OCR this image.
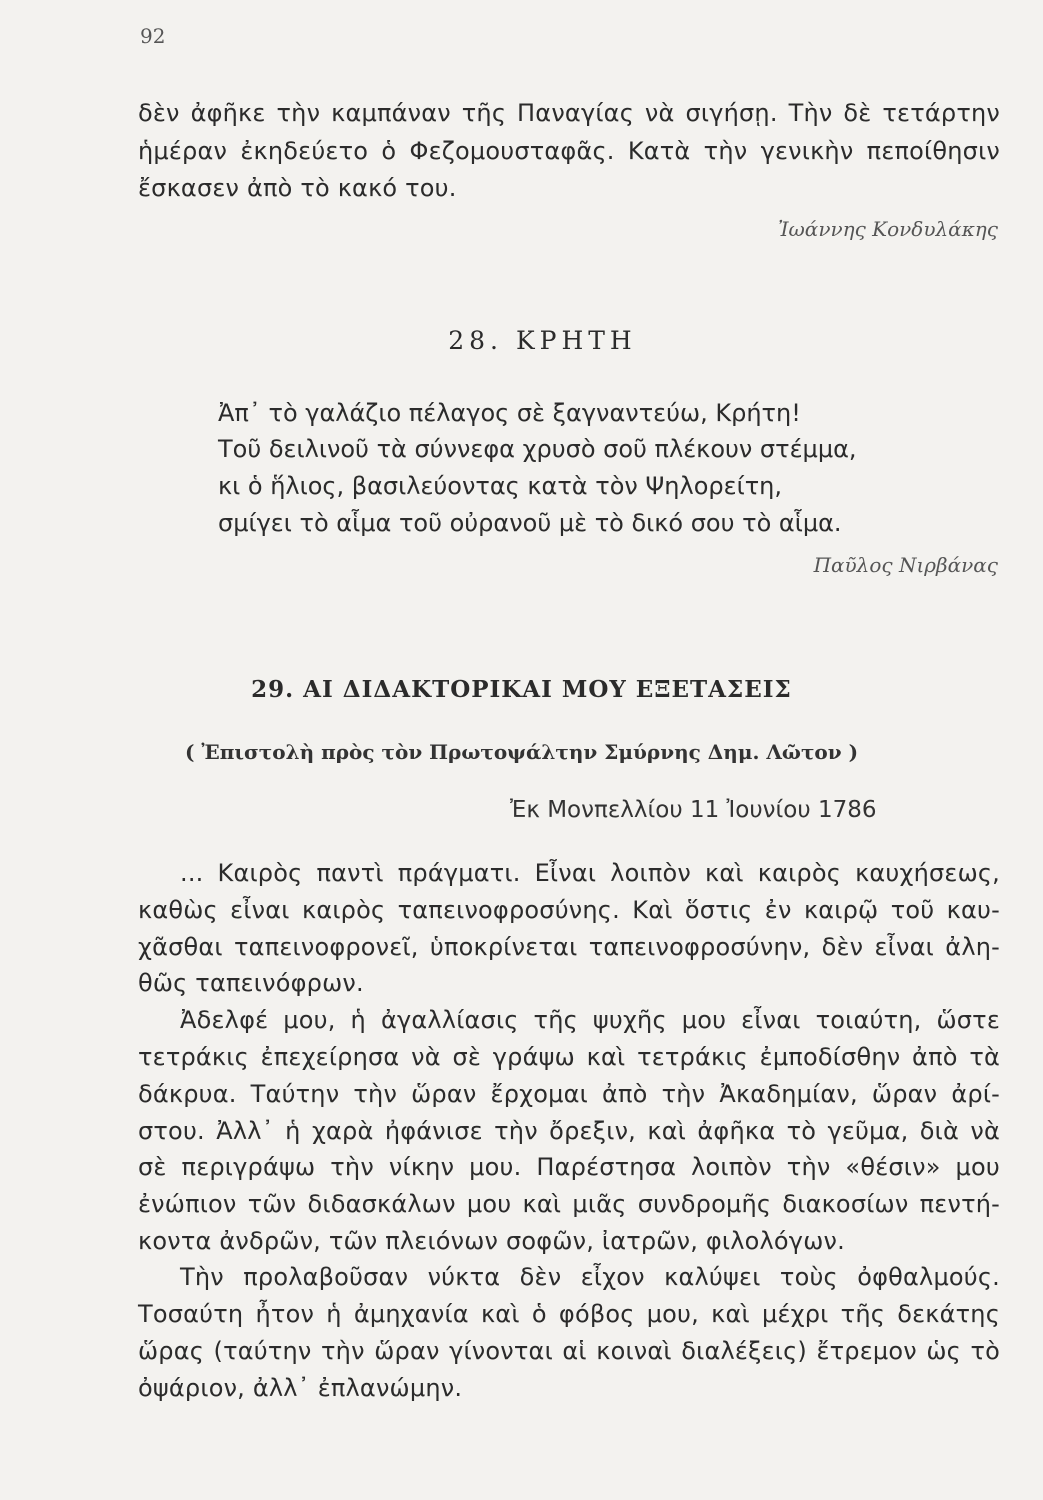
92
δὲν ἀφῆκε τὴν καμπάναν τῆς Παναγίας νὰ σιγήσῃ. Τὴν δὲ τετάρτην
ἡμέραν ἐκηδεύετο ὁ Φεζομουσταφᾶς. Κατὰ τὴν γενικὴν πεποίθησιν
ἔσκασεν ἀπὸ τὸ κακό του.
Ἰωάννης Κονδυλάκης
28. ΚΡΗΤΗ
Ἀπ᾿ τὸ γαλάζιο πέλαγος σὲ ξαγναντεύω, Κρήτη!
Τοῦ δειλινοῦ τὰ σύννεφα χρυσὸ σοῦ πλέκουν στέμμα,
κι ὁ ἥλιος, βασιλεύοντας κατὰ τὸν Ψηλορείτη,
σμίγει τὸ αἷμα τοῦ οὐρανοῦ μὲ τὸ δικό σου τὸ αἷμα.
Παῦλος Νιρβάνας
29. ΑΙ ΔΙΔΑΚΤΟΡΙΚΑΙ ΜΟΥ ΕΞΕΤΑΣΕΙΣ
( Ἐπιστολὴ πρὸς τὸν Πρωτοψάλτην Σμύρνης Δημ. Λῶτον )
Ἐκ Μονπελλίου 11 Ἰουνίου 1786
... Καιρὸς παντὶ πράγματι. Εἶναι λοιπὸν καὶ καιρὸς καυχήσεως,
καθὼς εἶναι καιρὸς ταπεινοφροσύνης. Καὶ ὅστις ἐν καιρῷ τοῦ καυ-
χᾶσθαι ταπεινοφρονεῖ, ὑποκρίνεται ταπεινοφροσύνην, δὲν εἶναι ἀλη-
θῶς ταπεινόφρων.
Ἀδελφέ μου, ἡ ἀγαλλίασις τῆς ψυχῆς μου εἶναι τοιαύτη, ὥστε
τετράκις ἐπεχείρησα νὰ σὲ γράψω καὶ τετράκις ἐμποδίσθην ἀπὸ τὰ
δάκρυα. Ταύτην τὴν ὥραν ἔρχομαι ἀπὸ τὴν Ἀκαδημίαν, ὥραν ἀρί-
στου. Ἀλλ᾿ ἡ χαρὰ ἠφάνισε τὴν ὄρεξιν, καὶ ἀφῆκα τὸ γεῦμα, διὰ νὰ
σὲ περιγράψω τὴν νίκην μου. Παρέστησα λοιπὸν τὴν «θέσιν» μου
ἐνώπιον τῶν διδασκάλων μου καὶ μιᾶς συνδρομῆς διακοσίων πεντή-
κοντα ἀνδρῶν, τῶν πλειόνων σοφῶν, ἰατρῶν, φιλολόγων.
Τὴν προλαβοῦσαν νύκτα δὲν εἶχον καλύψει τοὺς ὀφθαλμούς.
Τοσαύτη ἦτον ἡ ἀμηχανία καὶ ὁ φόβος μου, καὶ μέχρι τῆς δεκάτης
ὥρας (ταύτην τὴν ὥραν γίνονται αἱ κοιναὶ διαλέξεις) ἔτρεμον ὡς τὸ
ὀψάριον, ἀλλ᾿ ἐπλανώμην.
